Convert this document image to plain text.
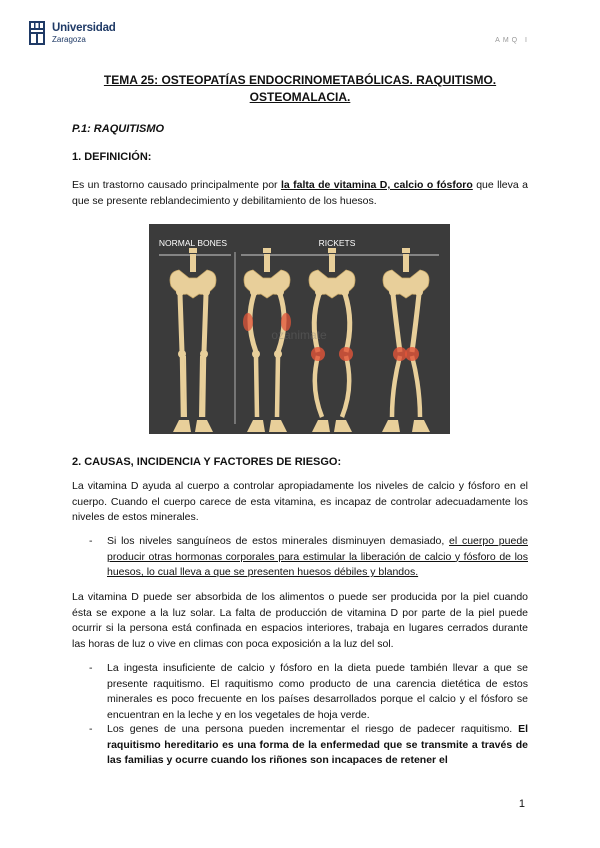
Universidad
Zaragoza	AMQ I
TEMA 25: OSTEOPATÍAS ENDOCRINOMETABÓLICAS. RAQUITISMO. OSTEOMALACIA.
P.1: RAQUITISMO
1. DEFINICIÓN:
Es un trastorno causado principalmente por la falta de vitamina D, calcio o fósforo que lleva a que se presente reblandecimiento y debilitamiento de los huesos.
NORMAL BONES	RICKETS
ozanimate
2. CAUSAS, INCIDENCIA Y FACTORES DE RIESGO:
La vitamina D ayuda al cuerpo a controlar apropiadamente los niveles de calcio y fósforo en el cuerpo. Cuando el cuerpo carece de esta vitamina, es incapaz de controlar adecuadamente los niveles de estos minerales.
- Si los niveles sanguíneos de estos minerales disminuyen demasiado, el cuerpo puede producir otras hormonas corporales para estimular la liberación de calcio y fósforo de los huesos, lo cual lleva a que se presenten huesos débiles y blandos.
La vitamina D puede ser absorbida de los alimentos o puede ser producida por la piel cuando ésta se expone a la luz solar. La falta de producción de vitamina D por parte de la piel puede ocurrir si la persona está confinada en espacios interiores, trabaja en lugares cerrados durante las horas de luz o vive en climas con poca exposición a la luz del sol.
- La ingesta insuficiente de calcio y fósforo en la dieta puede también llevar a que se presente raquitismo. El raquitismo como producto de una carencia dietética de estos minerales es poco frecuente en los países desarrollados porque el calcio y el fósforo se encuentran en la leche y en los vegetales de hoja verde.
- Los genes de una persona pueden incrementar el riesgo de padecer raquitismo. El raquitismo hereditario es una forma de la enfermedad que se transmite a través de las familias y ocurre cuando los riñones son incapaces de retener el
1
